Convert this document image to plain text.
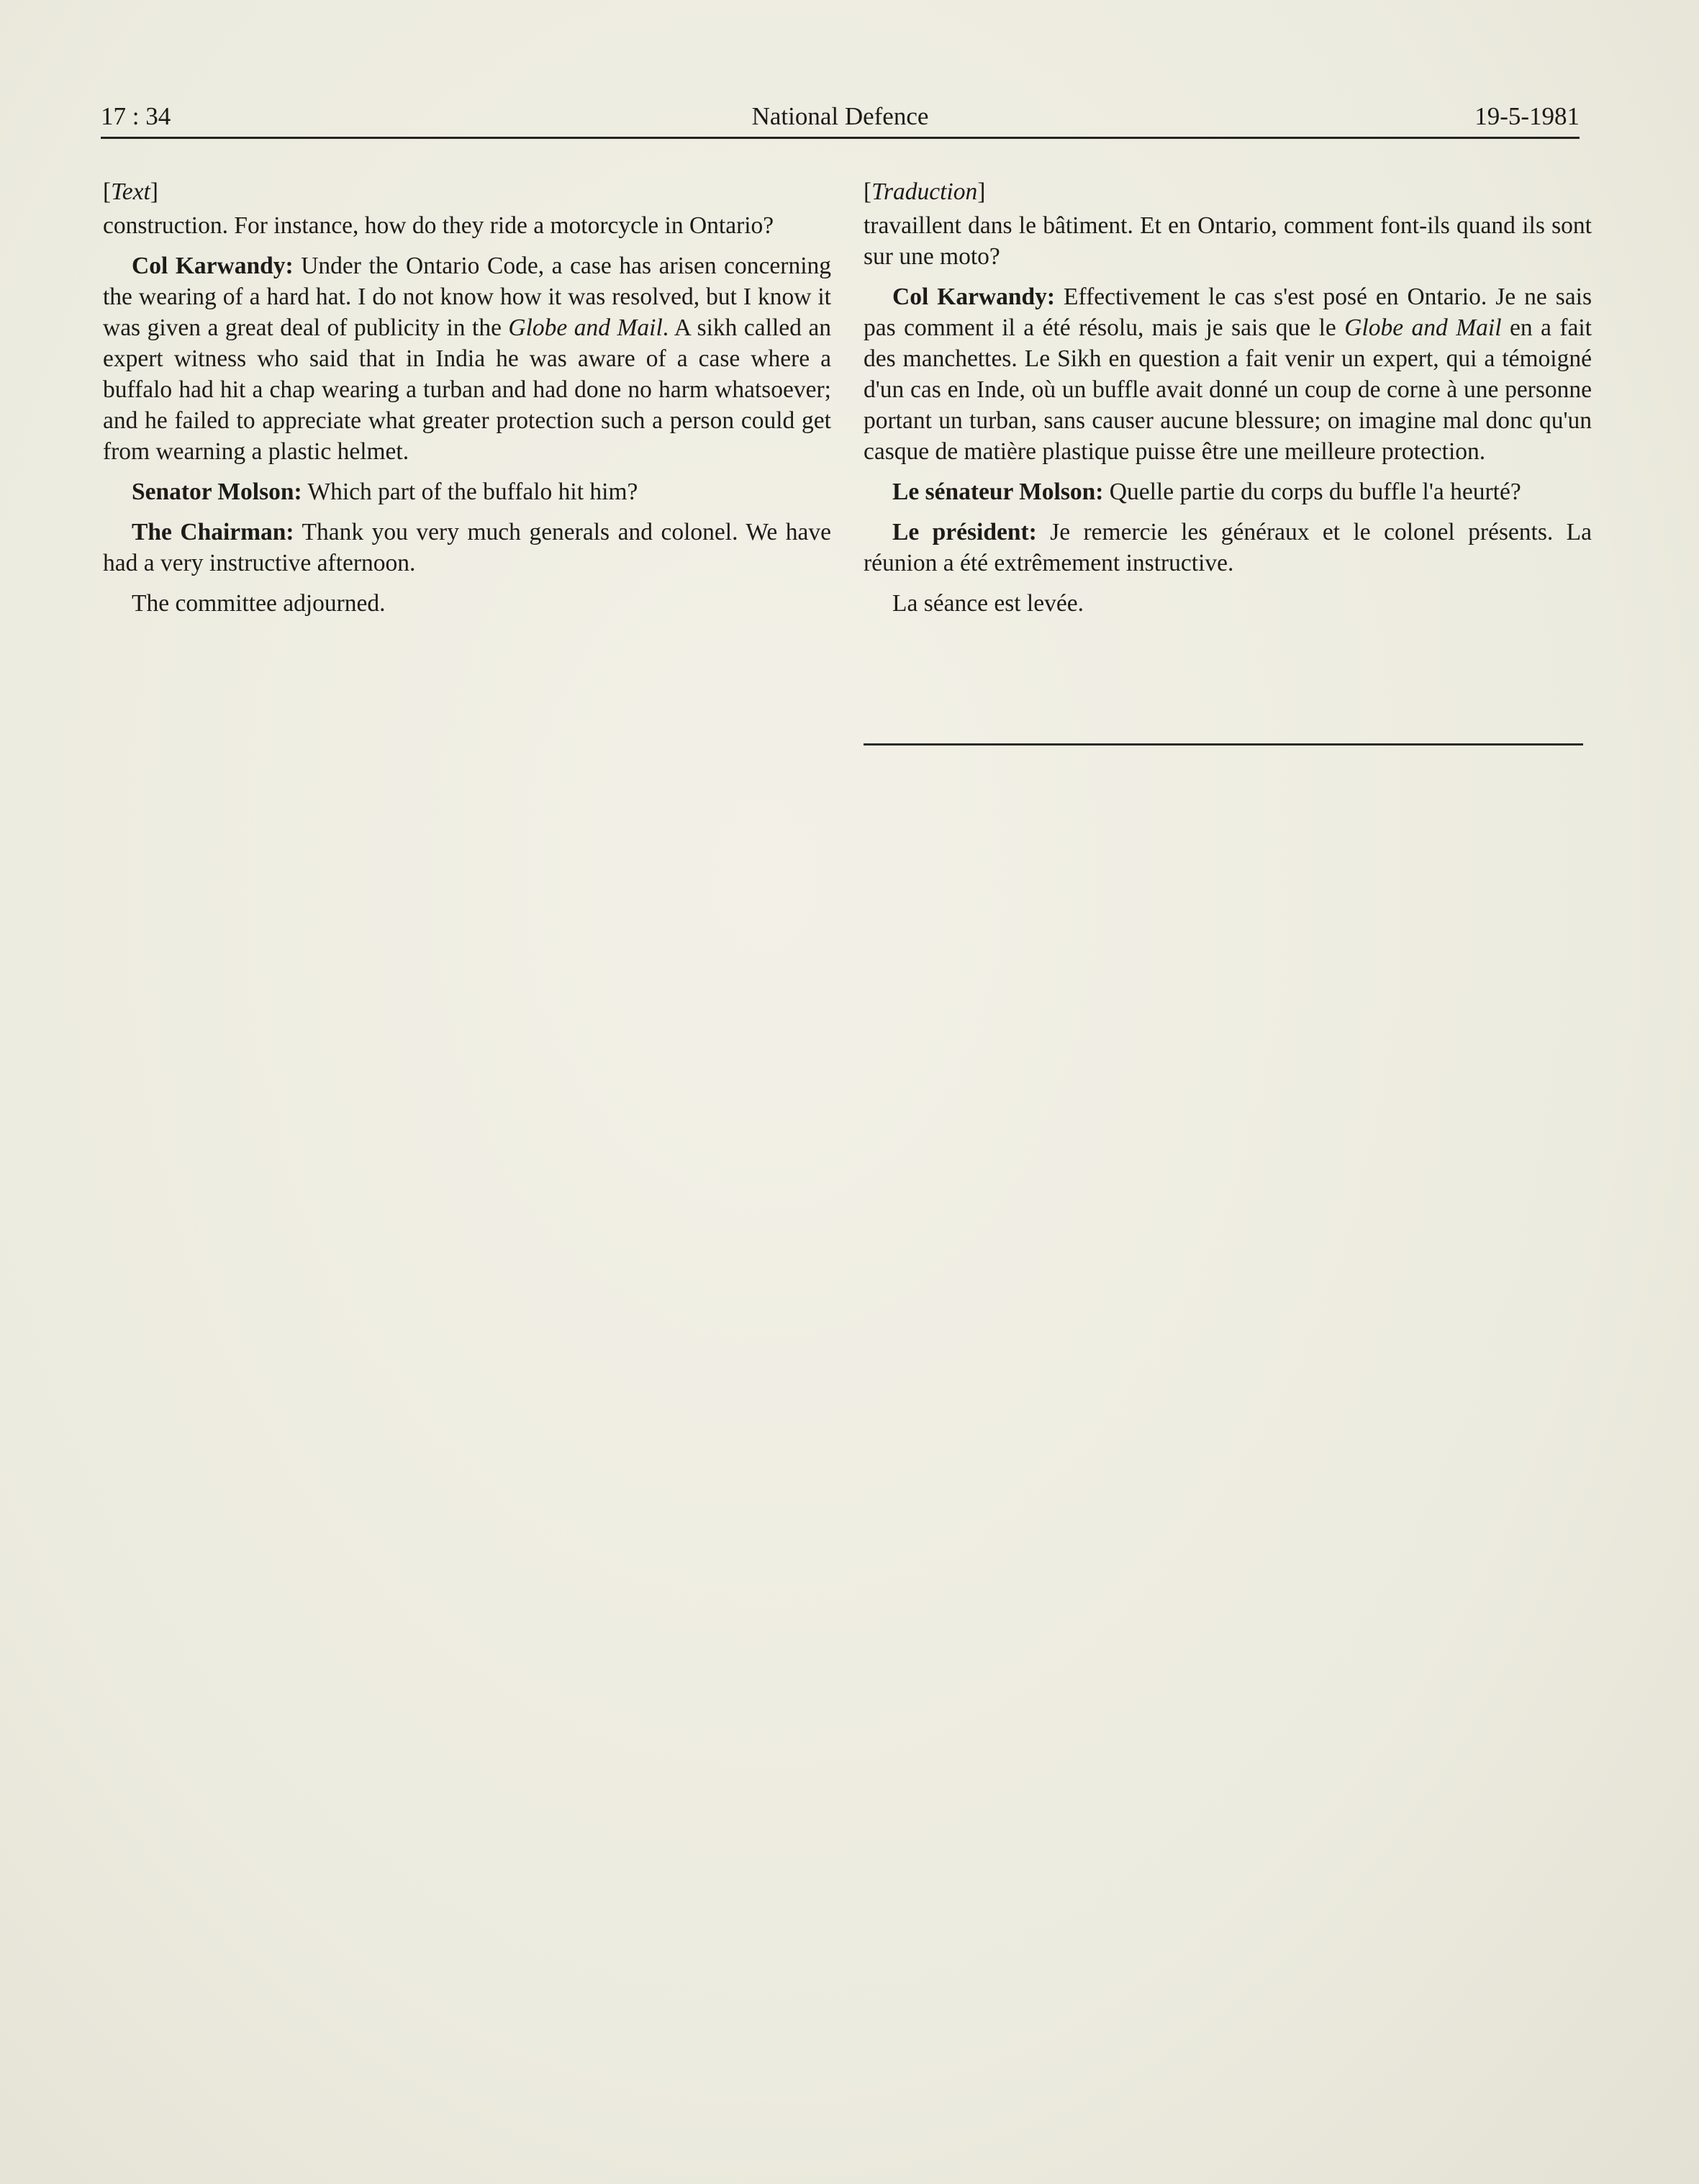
17 : 34	National Defence	19-5-1981

[Text]

construction. For instance, how do they ride a motorcycle in Ontario?

Col Karwandy: Under the Ontario Code, a case has arisen concerning the wearing of a hard hat. I do not know how it was resolved, but I know it was given a great deal of publicity in the Globe and Mail. A sikh called an expert witness who said that in India he was aware of a case where a buffalo had hit a chap wearing a turban and had done no harm whatsoever; and he failed to appreciate what greater protection such a person could get from wearning a plastic helmet.

Senator Molson: Which part of the buffalo hit him?

The Chairman: Thank you very much generals and colonel. We have had a very instructive afternoon.

The committee adjourned.

[Traduction]

travaillent dans le bâtiment. Et en Ontario, comment font-ils quand ils sont sur une moto?

Col Karwandy: Effectivement le cas s'est posé en Ontario. Je ne sais pas comment il a été résolu, mais je sais que le Globe and Mail en a fait des manchettes. Le Sikh en question a fait venir un expert, qui a témoigné d'un cas en Inde, où un buffle avait donné un coup de corne à une personne portant un turban, sans causer aucune blessure; on imagine mal donc qu'un casque de matière plastique puisse être une meilleure protection.

Le sénateur Molson: Quelle partie du corps du buffle l'a heurté?

Le président: Je remercie les généraux et le colonel présents. La réunion a été extrêmement instructive.

La séance est levée.
